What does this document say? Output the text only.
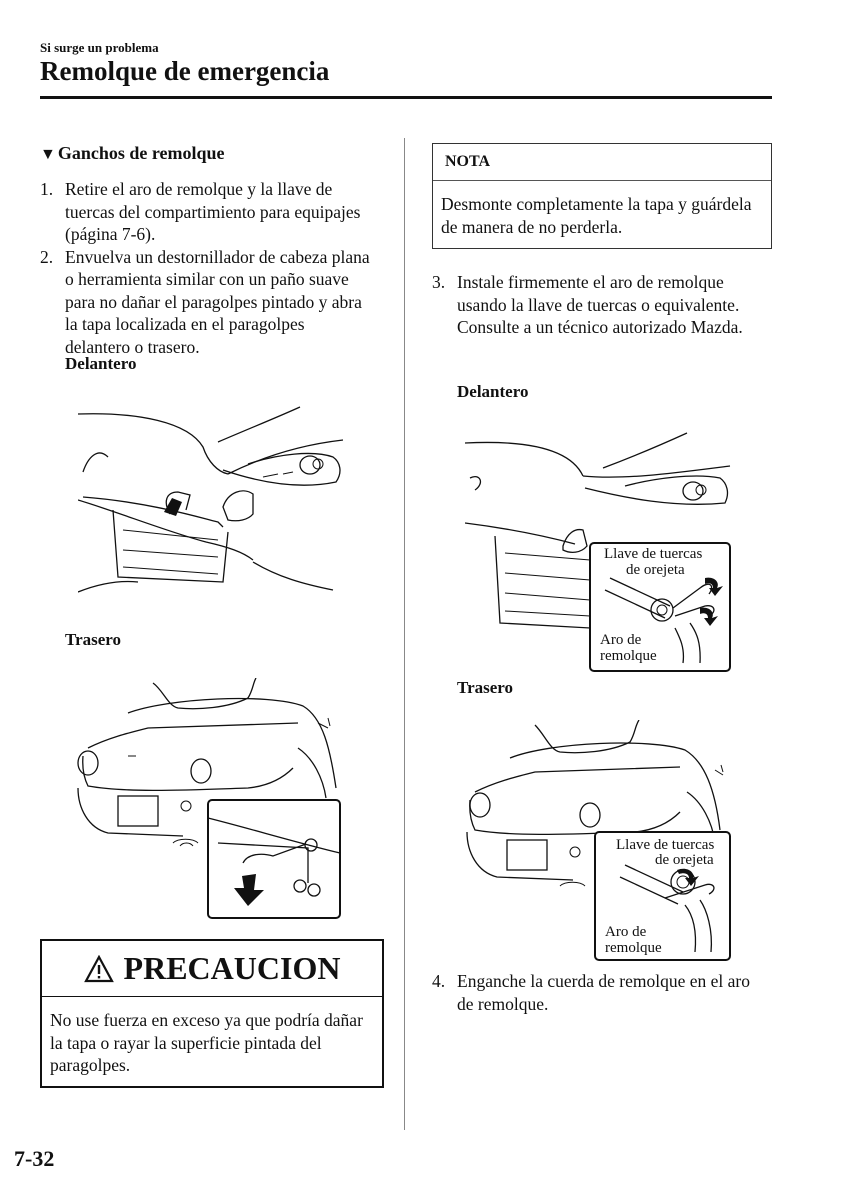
Si surge un problema
Remolque de emergencia
▼ Ganchos de remolque
1. Retire el aro de remolque y la llave de tuercas del compartimiento para equipajes (página 7-6).
2. Envuelva un destornillador de cabeza plana o herramienta similar con un paño suave para no dañar el paragolpes pintado y abra la tapa localizada en el paragolpes delantero o trasero.
Delantero
Trasero
PRECAUCION
No use fuerza en exceso ya que podría dañar la tapa o rayar la superficie pintada del paragolpes.
NOTA
Desmonte completamente la tapa y guárdela de manera de no perderla.
3. Instale firmemente el aro de remolque usando la llave de tuercas o equivalente.
Consulte a un técnico autorizado Mazda.
Delantero
Llave de tuercas
de orejeta
Aro de
remolque
Trasero
Llave de tuercas
de orejeta
Aro de
remolque
4. Enganche la cuerda de remolque en el aro de remolque.
7-32
